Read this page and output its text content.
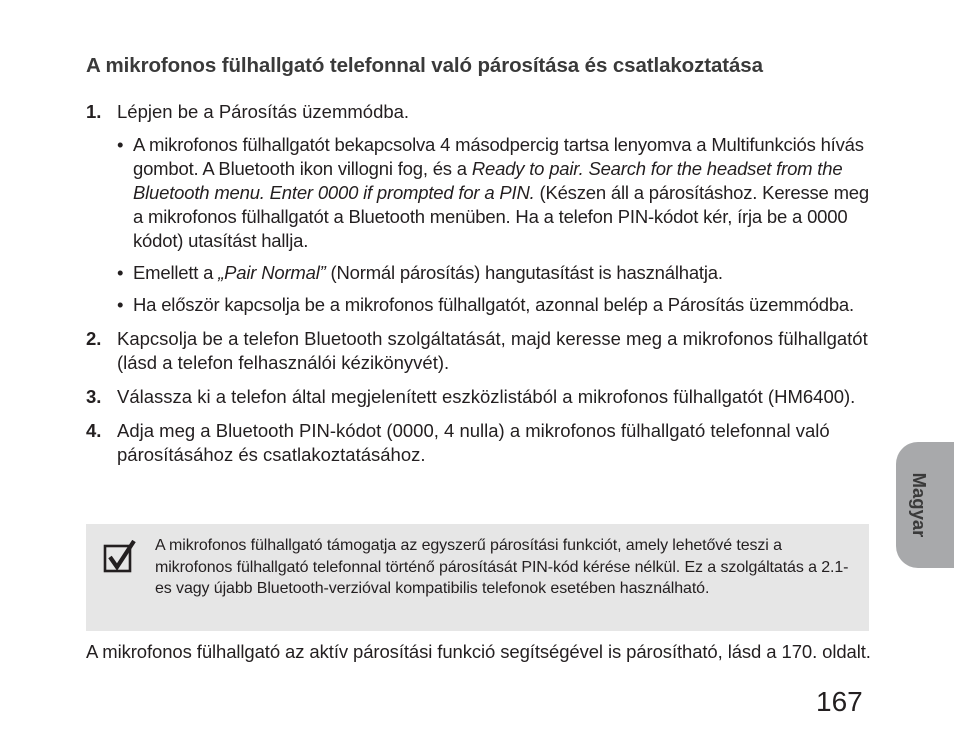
A mikrofonos fülhallgató telefonnal való párosítása és csatlakoztatása
1. Lépjen be a Párosítás üzemmódba.
• A mikrofonos fülhallgatót bekapcsolva 4 másodpercig tartsa lenyomva a Multifunkciós hívás gombot. A Bluetooth ikon villogni fog, és a Ready to pair. Search for the headset from the Bluetooth menu. Enter 0000 if prompted for a PIN. (Készen áll a párosításhoz. Keresse meg a mikrofonos fülhallgatót a Bluetooth menüben. Ha a telefon PIN-kódot kér, írja be a 0000 kódot) utasítást hallja.
• Emellett a „Pair Normal” (Normál párosítás) hangutasítást is használhatja.
• Ha először kapcsolja be a mikrofonos fülhallgatót, azonnal belép a Párosítás üzemmódba.
2. Kapcsolja be a telefon Bluetooth szolgáltatását, majd keresse meg a mikrofonos fülhallgatót (lásd a telefon felhasználói kézikönyvét).
3. Válassza ki a telefon által megjelenített eszközlistából a mikrofonos fülhallgatót (HM6400).
4. Adja meg a Bluetooth PIN-kódot (0000, 4 nulla) a mikrofonos fülhallgató telefonnal való párosításához és csatlakoztatásához.
A mikrofonos fülhallgató támogatja az egyszerű párosítási funkciót, amely lehetővé teszi a mikrofonos fülhallgató telefonnal történő párosítását PIN-kód kérése nélkül. Ez a szolgáltatás a 2.1-es vagy újabb Bluetooth-verzióval kompatibilis telefonok esetében használható.
A mikrofonos fülhallgató az aktív párosítási funkció segítségével is párosítható, lásd a 170. oldalt.
Magyar
167
